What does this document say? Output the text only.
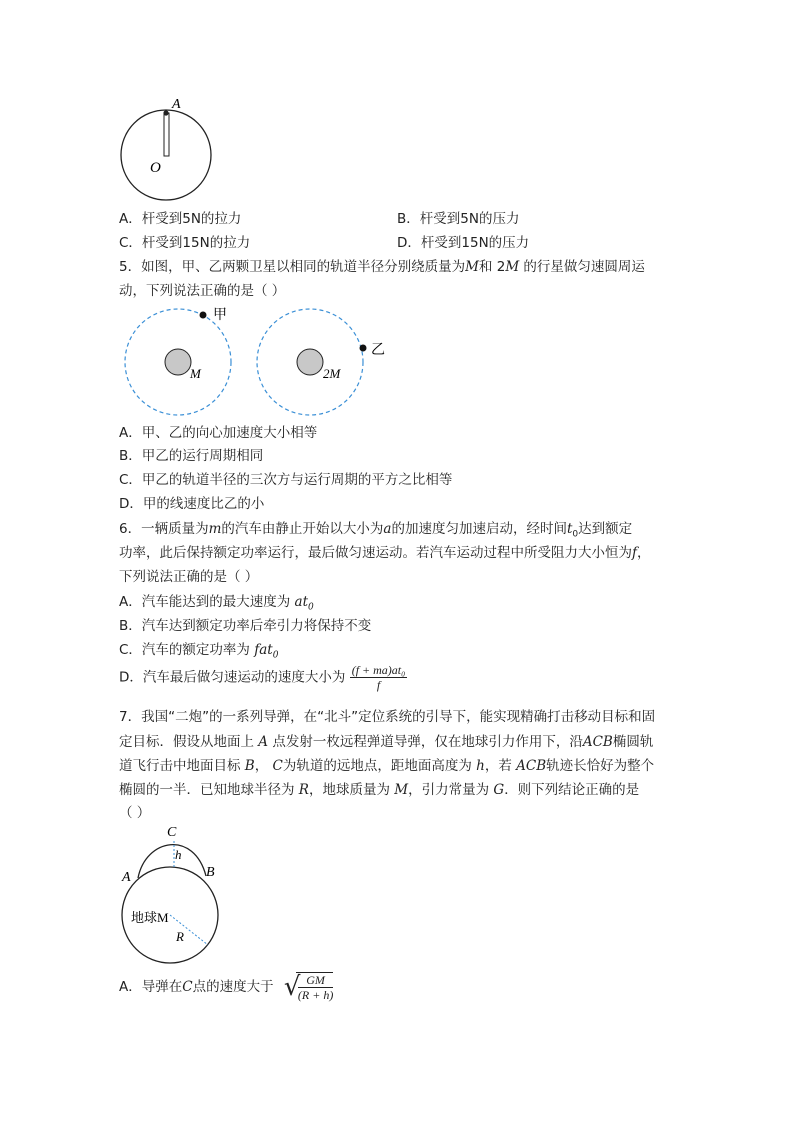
A
O
A．杆受到5N的拉力	B．杆受到5N的压力
C．杆受到15N的拉力	D．杆受到15N的压力
5．如图，甲、乙两颗卫星以相同的轨道半径分别绕质量为M和 2M 的行星做匀速圆周运
动，下列说法正确的是（ ）
甲
M
乙
2M
A．甲、乙的向心加速度大小相等
B．甲乙的运行周期相同
C．甲乙的轨道半径的三次方与运行周期的平方之比相等
D．甲的线速度比乙的小
6．一辆质量为m的汽车由静止开始以大小为a的加速度匀加速启动，经时间$t_0$达到额定
功率，此后保持额定功率运行，最后做匀速运动。若汽车运动过程中所受阻力大小恒为f，
下列说法正确的是（ ）
A．汽车能达到的最大速度为 $at_0$
B．汽车达到额定功率后牵引力将保持不变
C．汽车的额定功率为 fat$_0$
D．汽车最后做匀速运动的速度大小为 $\frac{\text{(f + ma)at₀}}{f}$
7．我国“二炮”的一系列导弹，在“北斗”定位系统的引导下，能实现精确打击移动目标和固
定目标．假设从地面上 A 点发射一枚远程弹道导弹，仅在地球引力作用下，沿ACB椭圆轨
道飞行击中地面目标 B， C为轨道的远地点，距地面高度为 h，若 ACB轨迹长恰好为整个
椭圆的一半．已知地球半径为 R，地球质量为 M，引力常量为 G．则下列结论正确的是
（ ）
C
h
A	B
地球M
R
A．导弹在C点的速度大于 √
$\frac{GM}{(R + h)}$
